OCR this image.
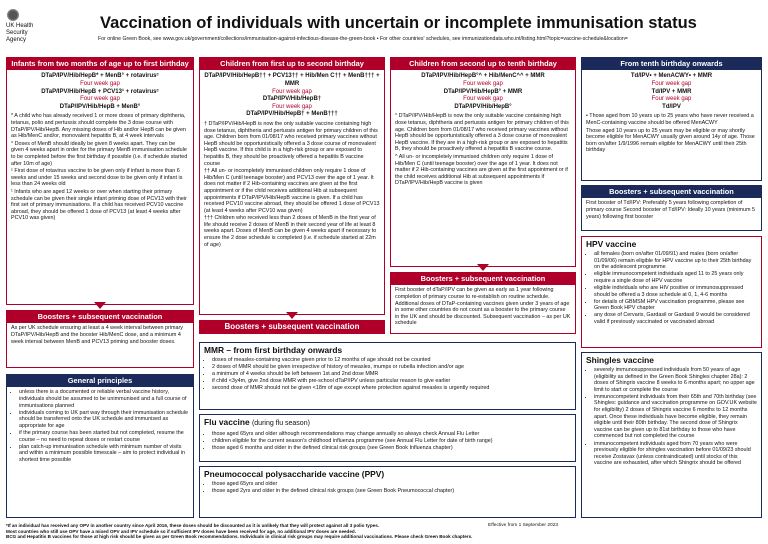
UK Health
Security
Agency
Vaccination of individuals with uncertain or incomplete immunisation status
For online Green Book, see www.gov.uk/government/collections/immunisation-against-infectious-disease-the-green-book • For other countries' schedules, see immunizationdata.who.int/listing.html?topic=vaccine-schedule&location=
Infants from two months of age up to first birthday
DTaP/IPV/Hib/HepB* + MenB° + rotavirusᶜ
Four week gap
DTaP/IPV/Hib/HepB + PCV13¹ + rotavirusᶜ
Four week gap
DTaP/IPV/Hib/HepB + MenB°

* A child who has already received 1 or more doses of primary diphtheria, tetanus, polio and pertussis should complete the 3 dose course with DTaP/IPV/Hib/HepB. Any missing doses of Hib and/or HepB can be given as Hib/MenC and/or, monovalent hepatitis B, at 4 week intervals

° Doses of MenB should ideally be given 8 weeks apart. They can be given 4 weeks apart in order for the primary MenB immunisation schedule to be completed before the first birthday if possible (i.e. if schedule started after 10m of age)

ᶜ First dose of rotavirus vaccine to be given only if infant is more than 6 weeks and under 15 weeks and second dose to be given only if infant is less than 24 weeks old

¹ Infants who are aged 12 weeks or over when starting their primary schedule can be given their single infant priming dose of PCV13 with their first set of primary immunisations. If a child has received PCV10 vaccine abroad, they should be offered 1 dose of PCV13 (at least 4 weeks after PCV10 was given)

Boosters + subsequent vaccination
As per UK schedule ensuring at least a 4 week interval between primary DTaP/IPV/Hib/HepB and the booster Hib/MenC dose, and a minimum 4 week interval between MenB and PCV13 priming and booster doses.
General principles
• unless there is a documented or reliable verbal vaccine history, individuals should be assumed to be unimmunised and a full course of immunisations planned
• individuals coming to UK part way through their immunisation schedule should be transferred onto the UK schedule and immunised as appropriate for age
• if the primary course has been started but not completed, resume the course – no need to repeat doses or restart course
• plan catch-up immunisation schedule with minimum number of visits and within a minimum possible timescale – aim to protect individual in shortest time possible
Children from first up to second birthday
DTaP/IPV/Hib/HepB†† + PCV13†† + Hib/Men C†† + MenB††† + MMR
Four week gap
DTaP/IPV/Hib/HepB†
Four week gap
DTaP/IPV/Hib/HepB† + MenB†††

† DTaP/IPV/Hib/HepB is now the only suitable vaccine containing high dose tetanus, diphtheria and pertussis antigen for primary children of this age. Children born from 01/08/17 who received primary vaccines without HepB should be opportunistically offered a 3 dose course of monovalent HepB vaccine. If this child is in a high-risk group or are exposed to hepatitis B, they should be proactively offered a hepatitis B vaccine course

†† All un- or incompletely immunised children only require 1 dose of Hib/Men C (until teenage booster) and PCV13 over the age of 1 year. It does not matter if 2 Hib-containing vaccines are given at the first appointment or if the child receives additional Hib at subsequent appointments if DTaP/IPV/Hib/HepB vaccine is given. If a child has received PCV10 vaccine abroad, they should be offered 1 dose of PCV13 (at least 4 weeks after PCV10 was given)

††† Children who received less than 2 doses of MenB in the first year of life should receive 2 doses of MenB in their second year of life at least 8 weeks apart. Doses of MenB can be given 4 weeks apart if necessary to ensure the 2 dose schedule is completed (i.e. if schedule started at 22m of age)

Boosters + subsequent vaccination
Children from second up to tenth birthday
DTaP/IPV/Hib/HepB°^ + Hib/MenC^^ + MMR
Four week gap
DTaP/IPV/Hib/HepB° + MMR
Four week gap
DTaP/IPV/Hib/HepB°

° DTaP/IPV/Hib/HepB is now the only suitable vaccine containing high dose tetanus, diphtheria and pertussis antigen for primary children of this age. Children born from 01/08/17 who received primary vaccines without HepB should be opportunistically offered a 3 dose course of monovalent HepB vaccine. If they are in a high-risk group or are exposed to hepatitis B, they should be proactively offered a hepatitis B vaccine course.

^ All un- or incompletely immunised children only require 1 dose of Hib/Men C (until teenage booster) over the age of 1 year. It does not matter if 2 Hib-containing vaccines are given at the first appointment or if the child receives additional Hib at subsequent appointments if DTaP/IPV/Hib/HepB vaccine is given

Boosters + subsequent vaccination
First booster of dTaP/IPV can be given as early as 1 year following completion of primary course to re-establish on routine schedule. Additional doses of DTaP-containing vaccines given under 3 years of age in some other countries do not count as a booster to the primary course in the UK and should be discounted. Subsequent vaccination – as per UK schedule
From tenth birthday onwards
Td/IPV• + MenACWY• + MMR
Four week gap
Td/IPV + MMR
Four week gap
Td/IPV

• Those aged from 10 years up to 25 years who have never received a MenC-containing vaccine should be offered MenACWY

Those aged 10 years up to 25 years may be eligible or may shortly become eligible for MenACWY usually given around 14y of age. Those born on/after 1/9/1996 remain eligible for MenACWY until their 25th birthday

Boosters + subsequent vaccination
First booster of Td/IPV: Preferably 5 years following completion of primary course Second booster of Td/IPV: Ideally 10 years (minimum 5 years) following first booster
HPV vaccine
• all females (born on/after 01/09/91) and males (born on/after 01/09/06) remain eligible for HPV vaccine up to their 25th birthday on the adolescent programme
• eligible immunocompetent individuals aged 11 to 25 years only require a single dose of HPV vaccine
• eligible individuals who are HIV positive or immunosuppressed should be offered a 3 dose schedule at 0, 1, 4-6 months
• for details of GBMSM HPV vaccination programme, please see Green Book HPV chapter
• any dose of Cervarix, Gardasil or Gardasil 9 would be considered valid if previously vaccinated or vaccinated abroad
Shingles vaccine
• severely immunosuppressed individuals from 50 years of age (eligibility as defined in the Green Book Shingles chapter 28a): 2 doses of Shingrix vaccine 8 weeks to 6 months apart; no upper age limit to start or complete the course
• immunocompetent individuals from their 65th and 70th birthday (see Shingles: guidance and vaccination programme on GOV.UK website for eligibility) 2 doses of Shingrix vaccine 6 months to 12 months apart. Once these individuals have become eligible, they remain eligible until their 80th birthday. The second dose of Shingrix vaccine can be given up to 81st birthday to those who have commenced but not completed the course
• immunocompetent individuals aged from 70 years who were previously eligible for shingles vaccination before 01/09/23 should receive Zostavax (unless contraindicated) until stocks of this vaccine are exhausted, after which Shingrix should be offered
MMR – from first birthday onwards
• doses of measles-containing vaccine given prior to 12 months of age should not be counted
• 2 doses of MMR should be given irrespective of history of measles, mumps or rubella infection and/or age
• a minimum of 4 weeks should be left between 1st and 2nd dose MMR
• if child <3y4m, give 2nd dose MMR with pre-school dTaP/IPV unless particular reason to give earlier
• second dose of MMR should not be given <18m of age except where protection against measles is urgently required
Flu vaccine (during flu season)
• those aged 65yrs and older although recommendations may change annually so always check Annual Flu Letter
• children eligible for the current season's childhood influenza programme (see Annual Flu Letter for date of birth range)
• those aged 6 months and older in the defined clinical risk groups (see Green Book Influenza chapter)
Pneumococcal polysaccharide vaccine (PPV)
• those aged 65yrs and older
• those aged 2yrs and older in the defined clinical risk groups (see Green Book Pneumococcal chapter)
*If an individual has received any OPV in another country since April 2016, these doses should be discounted as it is unlikely that they will protect against all 3 polio types.
Most countries who still use OPV have a mixed OPV and IPV schedule so if sufficient IPV doses have been received for age, no additional IPV doses are needed.
BCG and Hepatitis B vaccines for those at high risk should be given as per Green Book recommendations. Individuals in clinical risk groups may require additional vaccinations. Please check Green Book chapters.
Effective from 1 September 2023
